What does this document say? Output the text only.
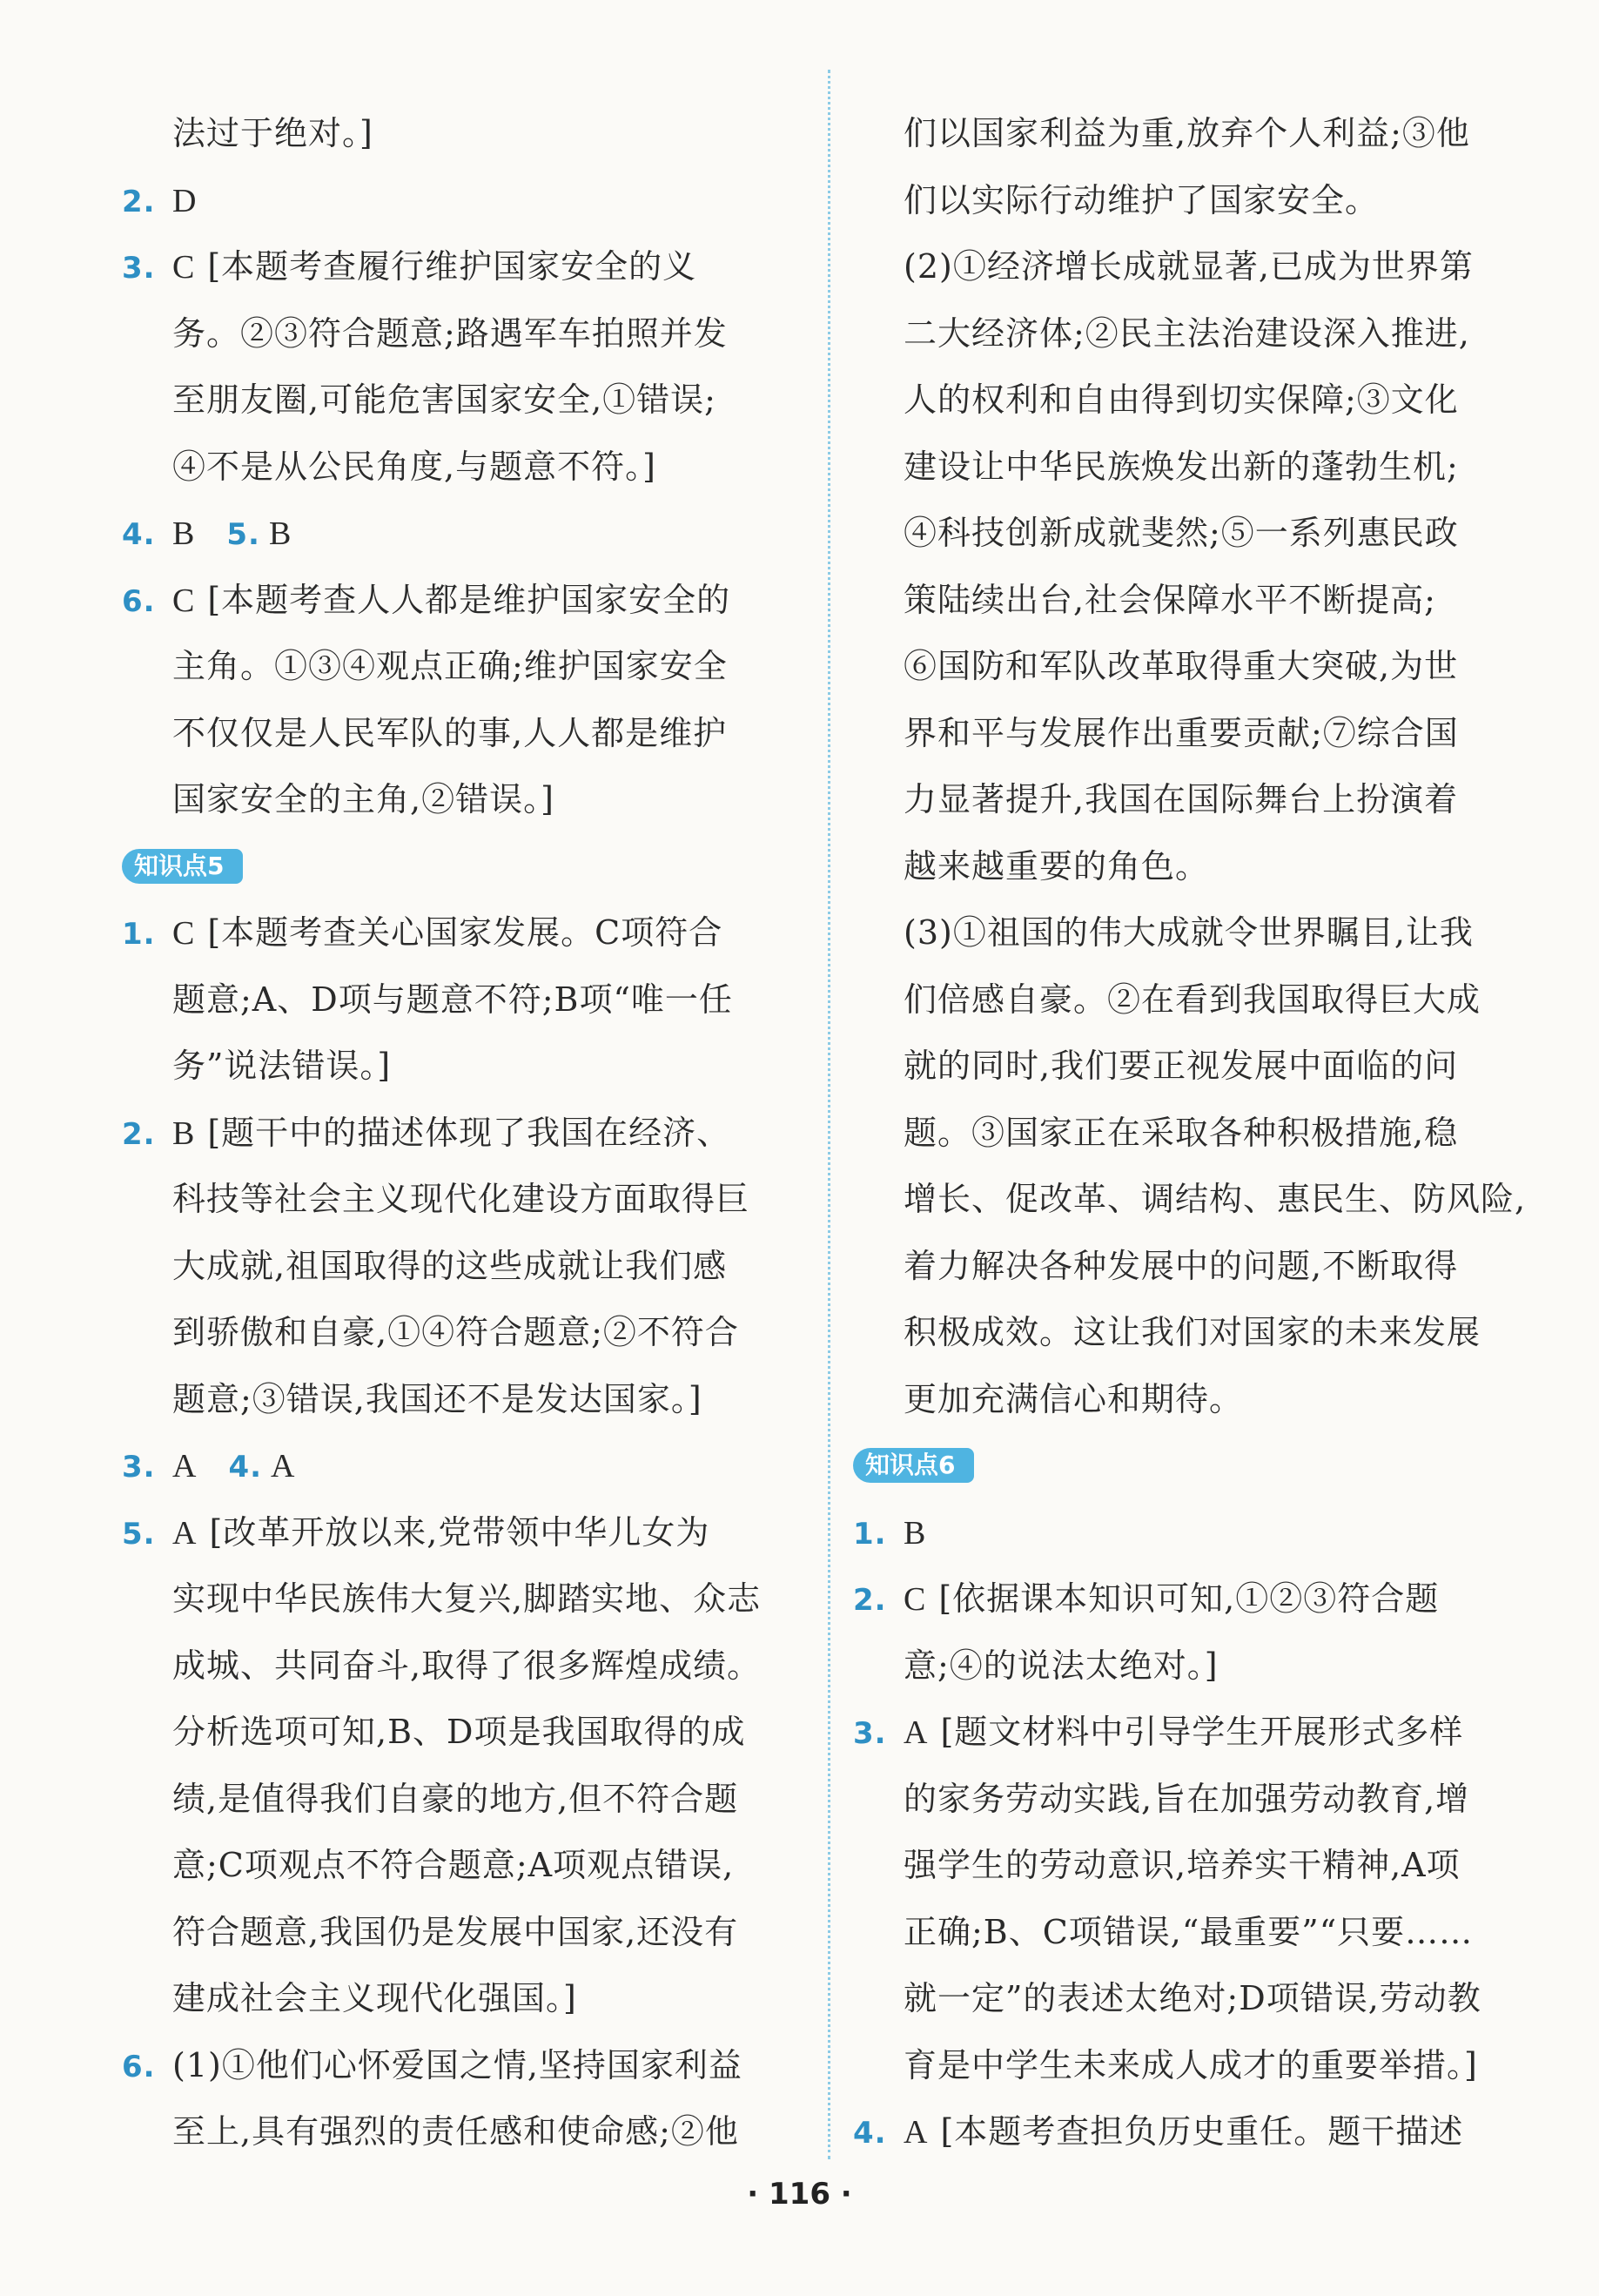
法过于绝对。]
2. D
3. C [本题考查履行维护国家安全的义
务。②③符合题意;路遇军车拍照并发
至朋友圈,可能危害国家安全,①错误;
④不是从公民角度,与题意不符。]
4. B 5. B
6. C [本题考查人人都是维护国家安全的
主角。①③④观点正确;维护国家安全
不仅仅是人民军队的事,人人都是维护
国家安全的主角,②错误。]
知识点5
1. C [本题考查关心国家发展。C项符合
题意;A、D项与题意不符;B项“唯一任
务”说法错误。]
2. B [题干中的描述体现了我国在经济、
科技等社会主义现代化建设方面取得巨
大成就,祖国取得的这些成就让我们感
到骄傲和自豪,①④符合题意;②不符合
题意;③错误,我国还不是发达国家。]
3. A 4. A
5. A [改革开放以来,党带领中华儿女为
实现中华民族伟大复兴,脚踏实地、众志
成城、共同奋斗,取得了很多辉煌成绩。
分析选项可知,B、D项是我国取得的成
绩,是值得我们自豪的地方,但不符合题
意;C项观点不符合题意;A项观点错误,
符合题意,我国仍是发展中国家,还没有
建成社会主义现代化强国。]
6. (1)①他们心怀爱国之情,坚持国家利益
至上,具有强烈的责任感和使命感;②他
们以国家利益为重,放弃个人利益;③他
们以实际行动维护了国家安全。
(2)①经济增长成就显著,已成为世界第
二大经济体;②民主法治建设深入推进,
人的权利和自由得到切实保障;③文化
建设让中华民族焕发出新的蓬勃生机;
④科技创新成就斐然;⑤一系列惠民政
策陆续出台,社会保障水平不断提高;
⑥国防和军队改革取得重大突破,为世
界和平与发展作出重要贡献;⑦综合国
力显著提升,我国在国际舞台上扮演着
越来越重要的角色。
(3)①祖国的伟大成就令世界瞩目,让我
们倍感自豪。②在看到我国取得巨大成
就的同时,我们要正视发展中面临的问
题。③国家正在采取各种积极措施,稳
增长、促改革、调结构、惠民生、防风险,
着力解决各种发展中的问题,不断取得
积极成效。这让我们对国家的未来发展
更加充满信心和期待。
知识点6
1. B
2. C [依据课本知识可知,①②③符合题
意;④的说法太绝对。]
3. A [题文材料中引导学生开展形式多样
的家务劳动实践,旨在加强劳动教育,增
强学生的劳动意识,培养实干精神,A项
正确;B、C项错误,“最重要”“只要……
就一定”的表述太绝对;D项错误,劳动教
育是中学生未来成人成才的重要举措。]
4. A [本题考查担负历史重任。题干描述
· 116 ·
